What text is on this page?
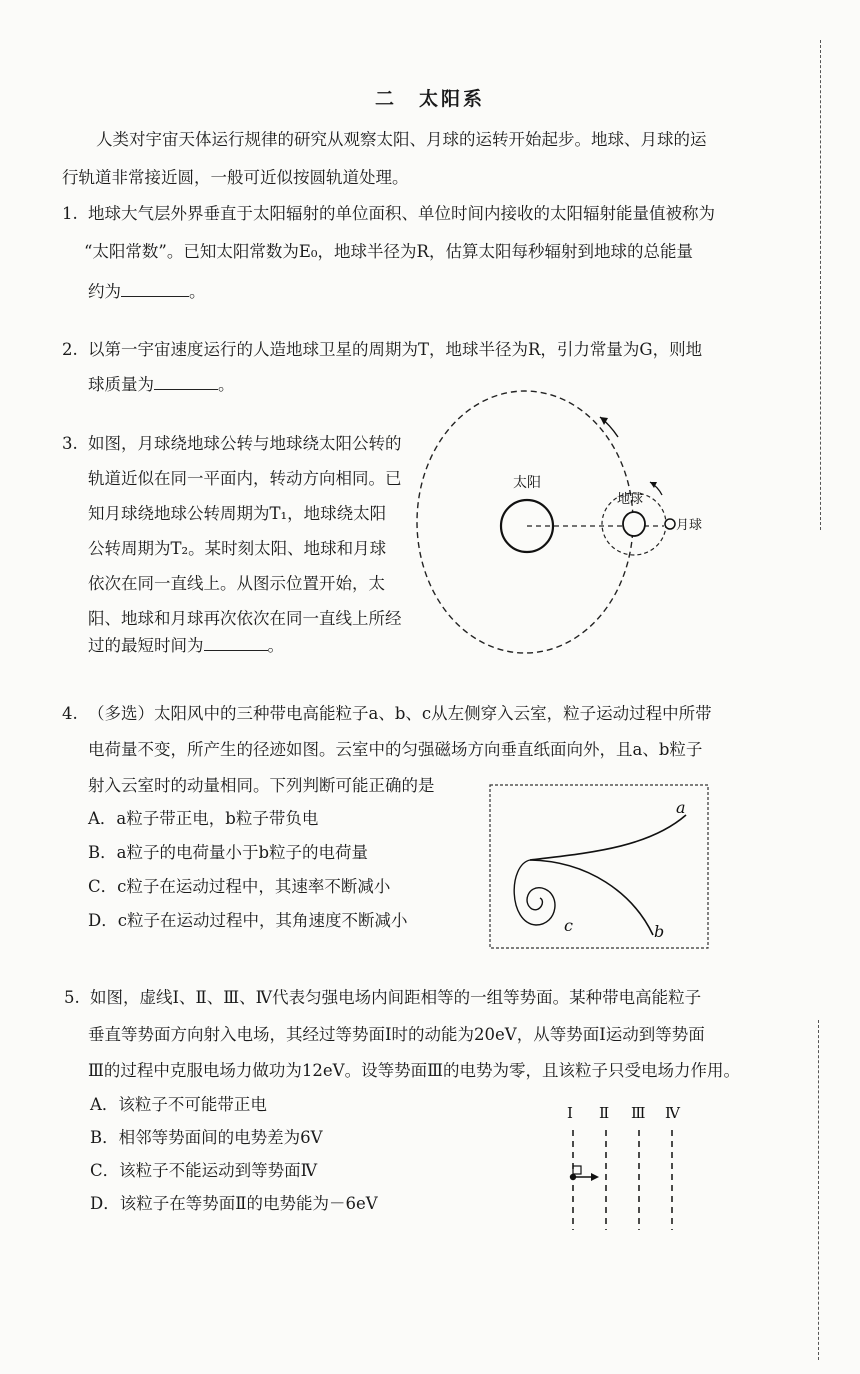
二　太阳系
人类对宇宙天体运行规律的研究从观察太阳、月球的运转开始起步。地球、月球的运
行轨道非常接近圆，一般可近似按圆轨道处理。
1. 地球大气层外界垂直于太阳辐射的单位面积、单位时间内接收的太阳辐射能量值被称为
“太阳常数”。已知太阳常数为E₀，地球半径为R，估算太阳每秒辐射到地球的总能量
约为	。
2. 以第一宇宙速度运行的人造地球卫星的周期为T，地球半径为R，引力常量为G，则地
球质量为	。
3. 如图，月球绕地球公转与地球绕太阳公转的
轨道近似在同一平面内，转动方向相同。已
知月球绕地球公转周期为T₁，地球绕太阳
公转周期为T₂。某时刻太阳、地球和月球
依次在同一直线上。从图示位置开始，太
阳、地球和月球再次依次在同一直线上所经
过的最短时间为	。
太阳
地球
月球
4. （多选）太阳风中的三种带电高能粒子a、b、c从左侧穿入云室，粒子运动过程中所带
电荷量不变，所产生的径迹如图。云室中的匀强磁场方向垂直纸面向外，且a、b粒子
射入云室时的动量相同。下列判断可能正确的是
A．a粒子带正电，b粒子带负电
B．a粒子的电荷量小于b粒子的电荷量
C．c粒子在运动过程中，其速率不断减小
D．c粒子在运动过程中，其角速度不断减小
a
b
c
5. 如图，虚线Ⅰ、Ⅱ、Ⅲ、Ⅳ代表匀强电场内间距相等的一组等势面。某种带电高能粒子
垂直等势面方向射入电场，其经过等势面Ⅰ时的动能为20eV，从等势面Ⅰ运动到等势面
Ⅲ的过程中克服电场力做功为12eV。设等势面Ⅲ的电势为零，且该粒子只受电场力作用。
A．该粒子不可能带正电
B．相邻等势面间的电势差为6V
C．该粒子不能运动到等势面Ⅳ
D．该粒子在等势面Ⅱ的电势能为－6eV
Ⅰ Ⅱ Ⅲ Ⅳ
